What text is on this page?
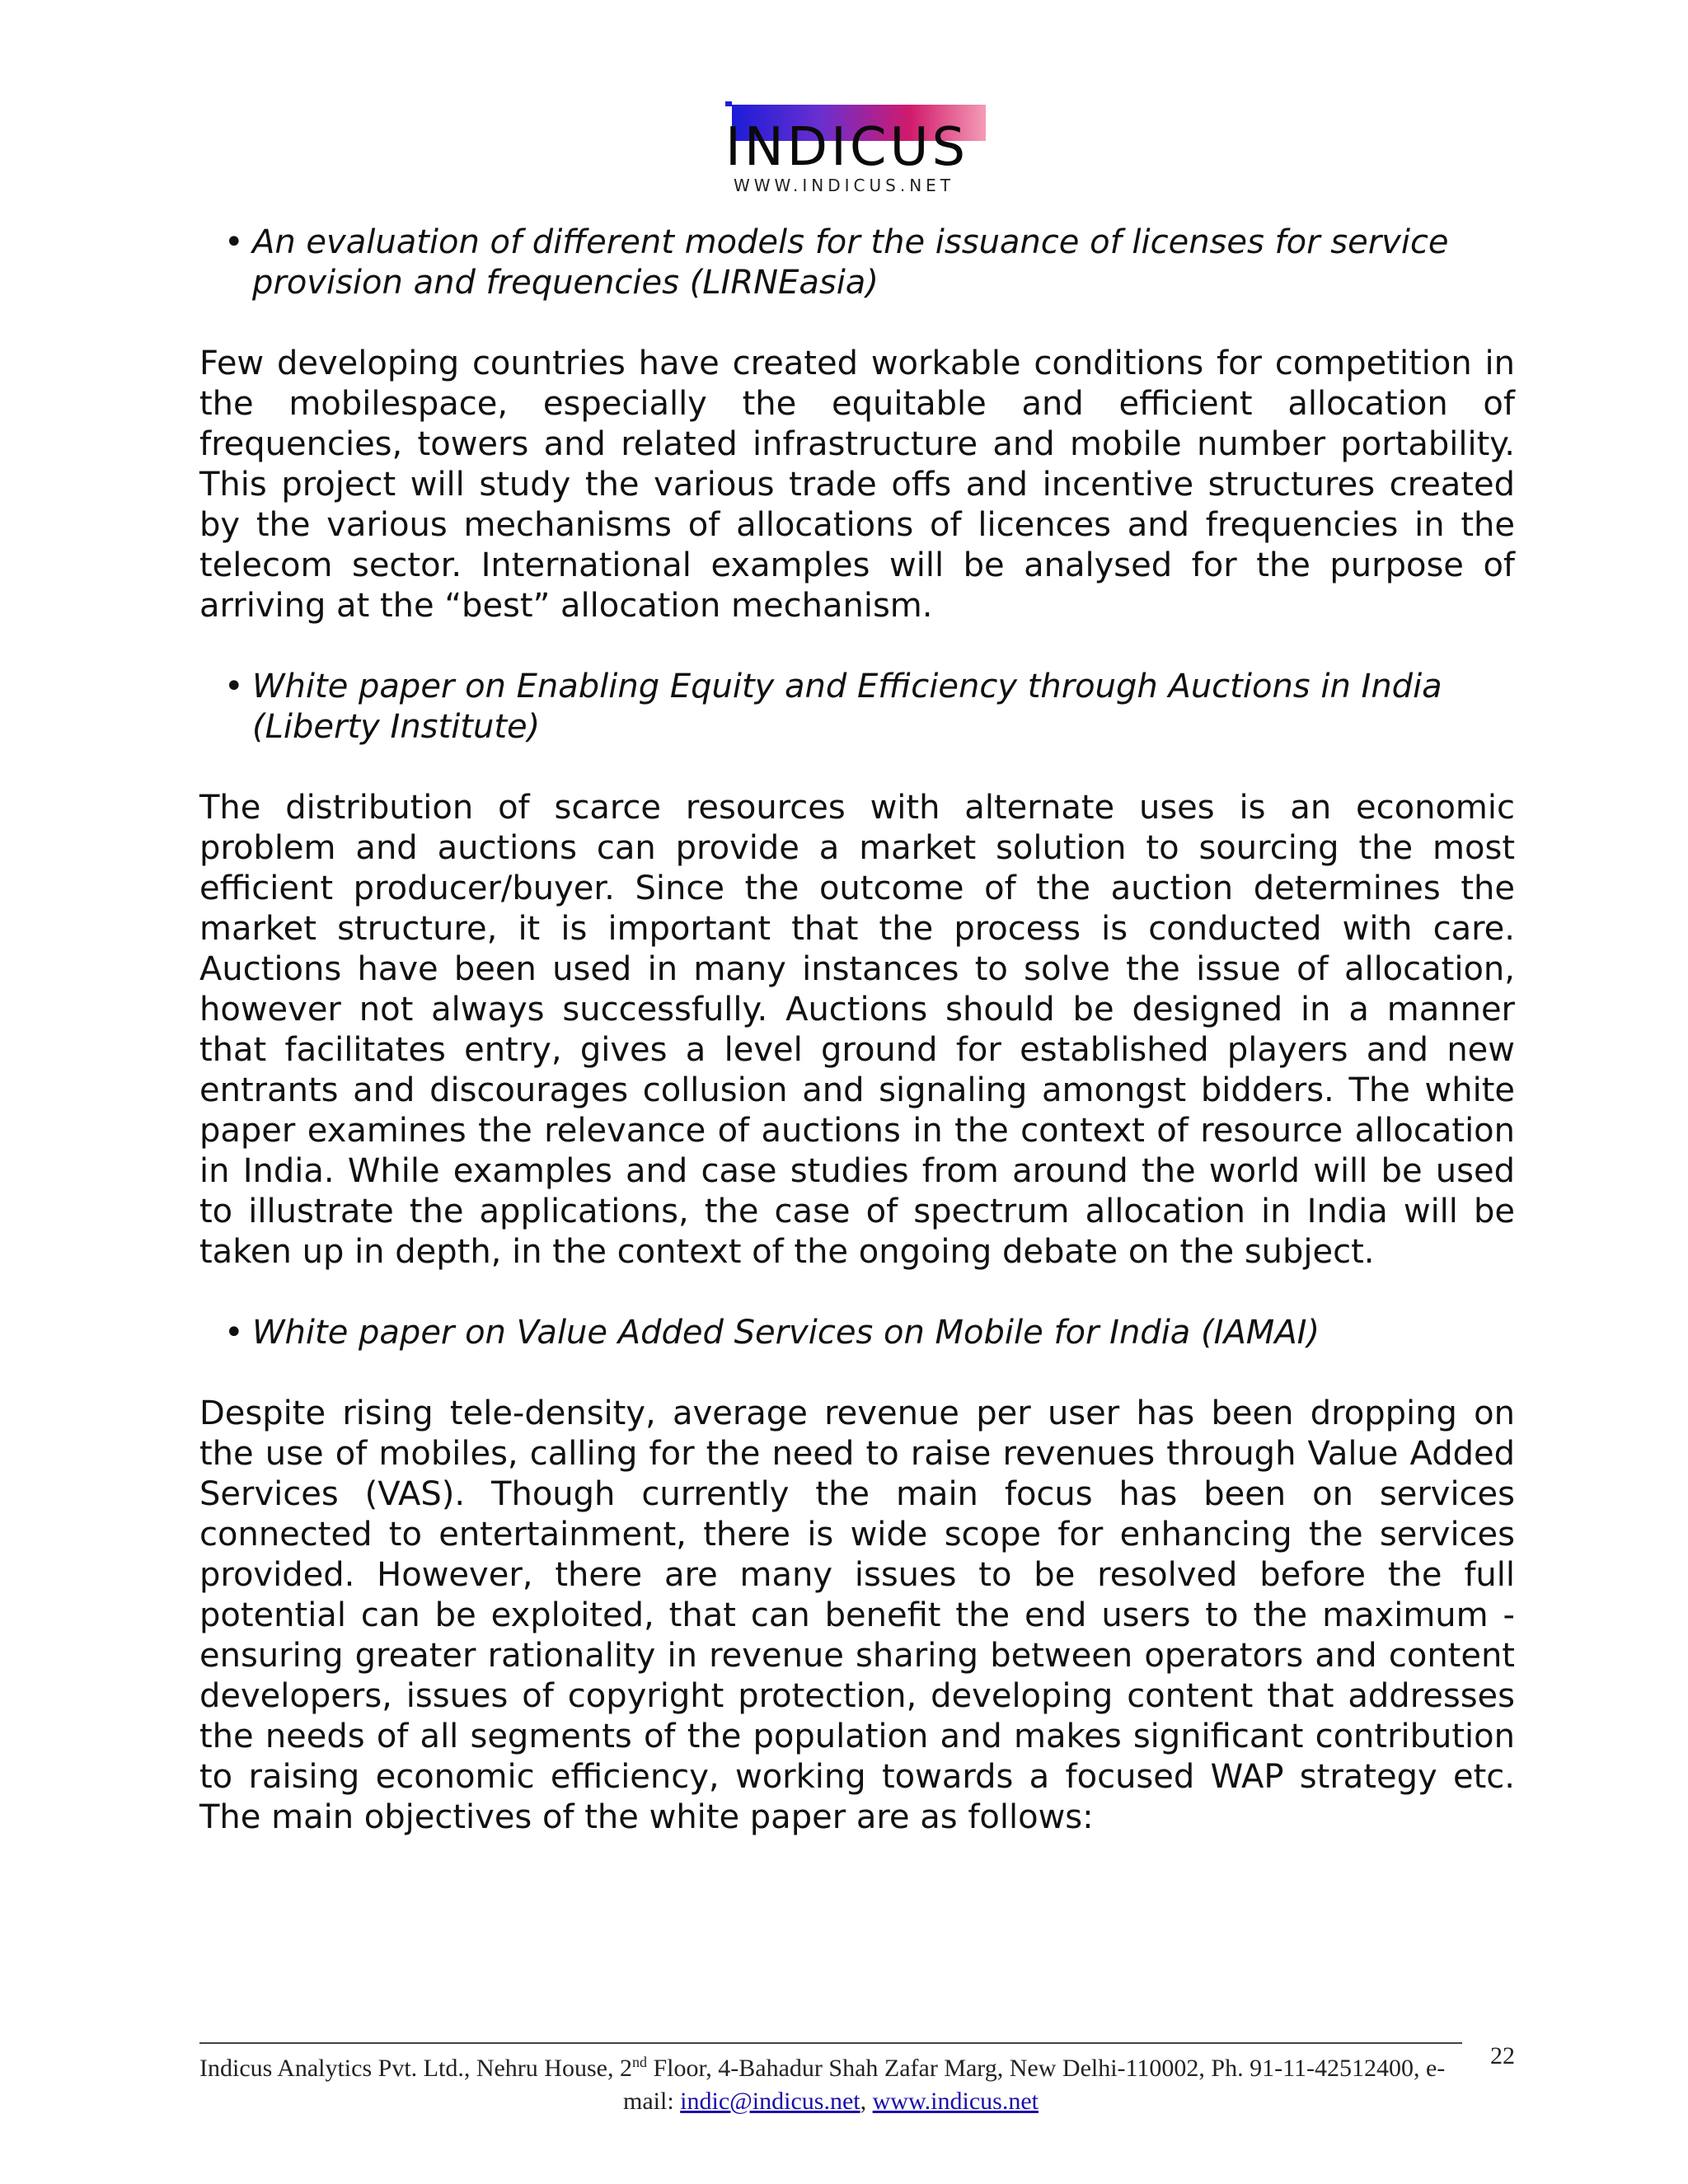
INDICUS
WWW.INDICUS.NET

• An evaluation of different models for the issuance of licenses for service provision and frequencies (LIRNEasia)

Few developing countries have created workable conditions for competition in the mobilespace, especially the equitable and efficient allocation of frequencies, towers and related infrastructure and mobile number portability. This project will study the various trade offs and incentive structures created by the various mechanisms of allocations of licences and frequencies in the telecom sector. International examples will be analysed for the purpose of arriving at the “best” allocation mechanism.

• White paper on Enabling Equity and Efficiency through Auctions in India (Liberty Institute)

The distribution of scarce resources with alternate uses is an economic problem and auctions can provide a market solution to sourcing the most efficient producer/buyer. Since the outcome of the auction determines the market structure, it is important that the process is conducted with care. Auctions have been used in many instances to solve the issue of allocation, however not always successfully. Auctions should be designed in a manner that facilitates entry, gives a level ground for established players and new entrants and discourages collusion and signaling amongst bidders. The white paper examines the relevance of auctions in the context of resource allocation in India. While examples and case studies from around the world will be used to illustrate the applications, the case of spectrum allocation in India will be taken up in depth, in the context of the ongoing debate on the subject.

• White paper on Value Added Services on Mobile for India (IAMAI)

Despite rising tele-density, average revenue per user has been dropping on the use of mobiles, calling for the need to raise revenues through Value Added Services (VAS). Though currently the main focus has been on services connected to entertainment, there is wide scope for enhancing the services provided. However, there are many issues to be resolved before the full potential can be exploited, that can benefit the end users to the maximum - ensuring greater rationality in revenue sharing between operators and content developers, issues of copyright protection, developing content that addresses the needs of all segments of the population and makes significant contribution to raising economic efficiency, working towards a focused WAP strategy etc. The main objectives of the white paper are as follows:

Indicus Analytics Pvt. Ltd., Nehru House, 2nd Floor, 4-Bahadur Shah Zafar Marg, New Delhi-110002, Ph. 91-11-42512400, e-
mail: indic@indicus.net, www.indicus.net
22
